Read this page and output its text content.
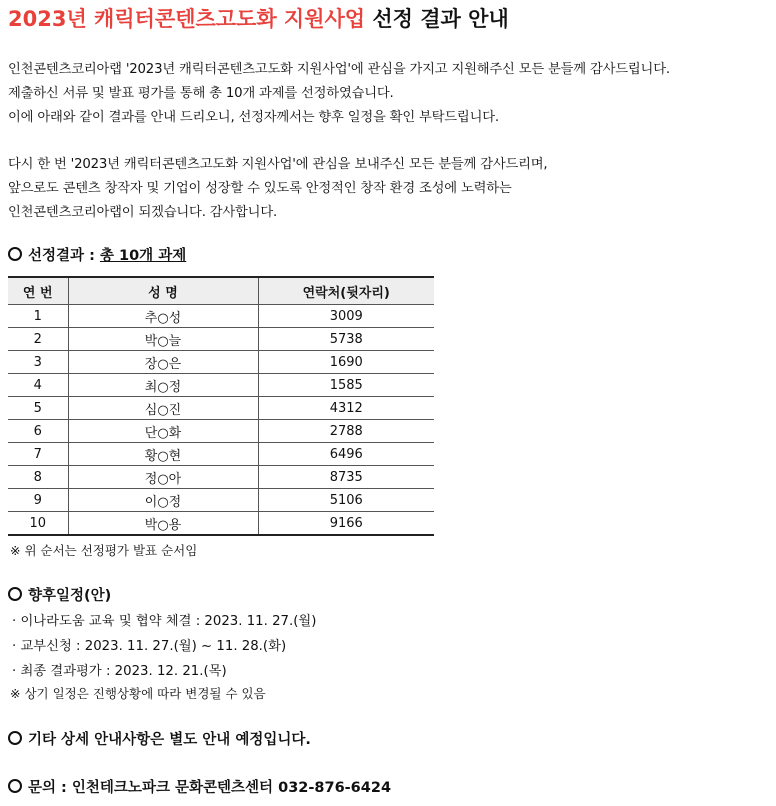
2023년 캐릭터콘텐츠고도화 지원사업 선정 결과 안내
인천콘텐츠코리아랩 '2023년 캐릭터콘텐츠고도화 지원사업'에 관심을 가지고 지원해주신 모든 분들께 감사드립니다.
제출하신 서류 및 발표 평가를 통해 총 10개 과제를 선정하였습니다.
이에 아래와 같이 결과를 안내 드리오니, 선정자께서는 향후 일정을 확인 부탁드립니다.
다시 한 번 '2023년 캐릭터콘텐츠고도화 지원사업'에 관심을 보내주신 모든 분들께 감사드리며,
앞으로도 콘텐츠 창작자 및 기업이 성장할 수 있도록 안정적인 창작 환경 조성에 노력하는
인천콘텐츠코리아랩이 되겠습니다. 감사합니다.
선정결과 : 총 10개 과제
연 번	성 명	연락처(뒷자리)
1	추○성	3009
2	박○늘	5738
3	장○은	1690
4	최○정	1585
5	심○진	4312
6	단○화	2788
7	황○현	6496
8	정○아	8735
9	이○정	5106
10	박○용	9166
※ 위 순서는 선정평가 발표 순서임
향후일정(안)
· 이나라도움 교육 및 협약 체결 : 2023. 11. 27.(월)
· 교부신청 : 2023. 11. 27.(월) ~ 11. 28.(화)
· 최종 결과평가 : 2023. 12. 21.(목)
※ 상기 일정은 진행상황에 따라 변경될 수 있음
기타 상세 안내사항은 별도 안내 예정입니다.
문의 : 인천테크노파크 문화콘텐츠센터 032-876-6424
